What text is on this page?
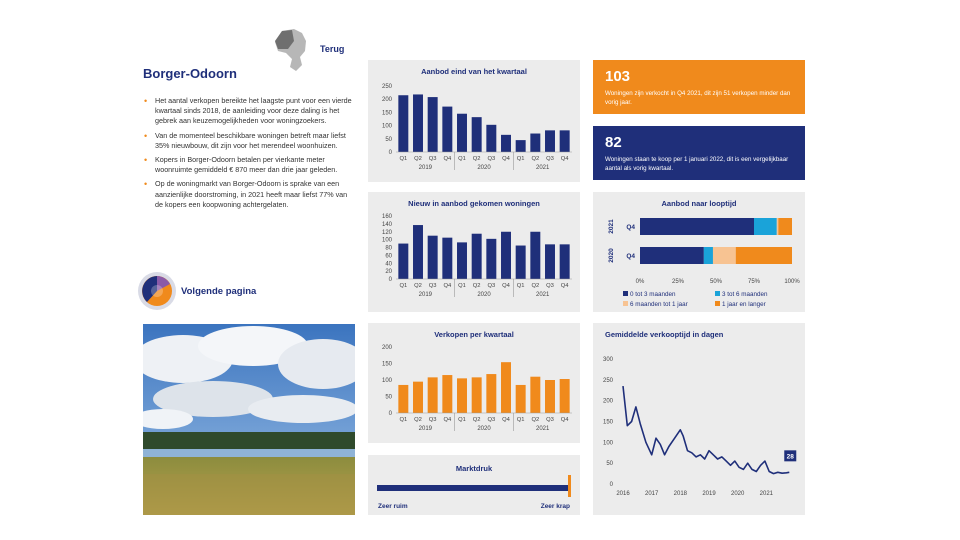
Terug
Borger-Odoorn
• Het aantal verkopen bereikte het laagste punt voor een vierde kwartaal sinds 2018, de aanleiding voor deze daling is het gebrek aan keuzemogelijkheden voor woningzoekers.
• Van de momenteel beschikbare woningen betreft maar liefst 35% nieuwbouw, dit zijn voor het merendeel woonhuizen.
• Kopers in Borger-Odoorn betalen per vierkante meter woonruimte gemiddeld € 870 meer dan drie jaar geleden.
• Op de woningmarkt van Borger-Odoorn is sprake van een aanzienlijke doorstroming, in 2021 heeft maar liefst 77% van de kopers een koopwoning achtergelaten.
Volgende pagina
Aanbod eind van het kwartaal
0
50
100
150
200
250
Q1 Q2 Q3 Q4 Q1 Q2 Q3 Q4 Q1 Q2 Q3 Q4
2019	2020	2021
Nieuw in aanbod gekomen woningen
0
20
40
60
80
100
120
140
160
Q1 Q2 Q3 Q4 Q1 Q2 Q3 Q4 Q1 Q2 Q3 Q4
2019	2020	2021
Verkopen per kwartaal
0
50
100
150
200
Q1 Q2 Q3 Q4 Q1 Q2 Q3 Q4 Q1 Q2 Q3 Q4
2019	2020	2021
Marktdruk
Zeer ruim	Zeer krap
103
Woningen zijn verkocht in Q4 2021, dit zijn 51 verkopen minder dan vorig jaar.
82
Woningen staan te koop per 1 januari 2022, dit is een vergelijkbaar aantal als vorig kwartaal.
Aanbod naar looptijd
Q4
2021
Q4
2020
0%	25%	50%	75%	100%
0 tot 3 maanden	3 tot 6 maanden
6 maanden tot 1 jaar	1 jaar en langer
Gemiddelde verkooptijd in dagen
0
50
100
150
200
250
300
2016	2017	2018	2019	2020	2021
28
